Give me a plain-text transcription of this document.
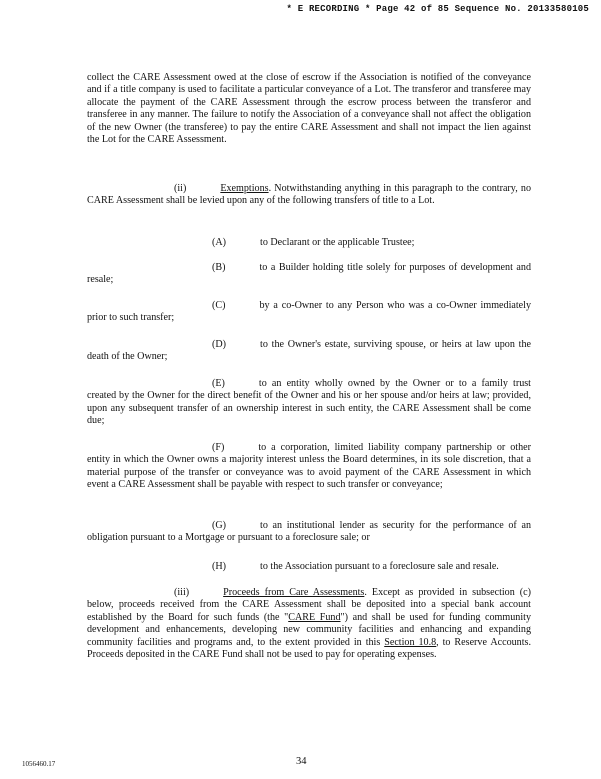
* E RECORDING * Page 42 of 85 Sequence No. 20133580105

collect the CARE Assessment owed at the close of escrow if the Association is notified of the conveyance and if a title company is used to facilitate a particular conveyance of a Lot. The transferor and transferee may allocate the payment of the CARE Assessment through the escrow process between the transferor and transferee in any manner. The failure to notify the Association of a conveyance shall not affect the obligation of the new Owner (the transferee) to pay the entire CARE Assessment and shall not impact the lien against the Lot for the CARE Assessment.

(ii)	Exemptions. Notwithstanding anything in this paragraph to the contrary, no CARE Assessment shall be levied upon any of the following transfers of title to a Lot.

(A)	to Declarant or the applicable Trustee;

(B)	to a Builder holding title solely for purposes of development and resale;

(C)	by a co-Owner to any Person who was a co-Owner immediately prior to such transfer;

(D)	to the Owner's estate, surviving spouse, or heirs at law upon the death of the Owner;

(E)	to an entity wholly owned by the Owner or to a family trust created by the Owner for the direct benefit of the Owner and his or her spouse and/or heirs at law; provided, upon any subsequent transfer of an ownership interest in such entity, the CARE Assessment shall be come due;

(F)	to a corporation, limited liability company partnership or other entity in which the Owner owns a majority interest unless the Board determines, in its sole discretion, that a material purpose of the transfer or conveyance was to avoid payment of the CARE Assessment in which event a CARE Assessment shall be payable with respect to such transfer or conveyance;

(G)	to an institutional lender as security for the performance of an obligation pursuant to a Mortgage or pursuant to a foreclosure sale; or

(H)	to the Association pursuant to a foreclosure sale and resale.

(iii)	Proceeds from Care Assessments. Except as provided in subsection (c) below, proceeds received from the CARE Assessment shall be deposited into a special bank account established by the Board for such funds (the "CARE Fund") and shall be used for funding community development and enhancements, developing new community facilities and enhancing and expanding community facilities and programs and, to the extent provided in this Section 10.8, to Reserve Accounts. Proceeds deposited in the CARE Fund shall not be used to pay for operating expenses.

1056460.17	34
